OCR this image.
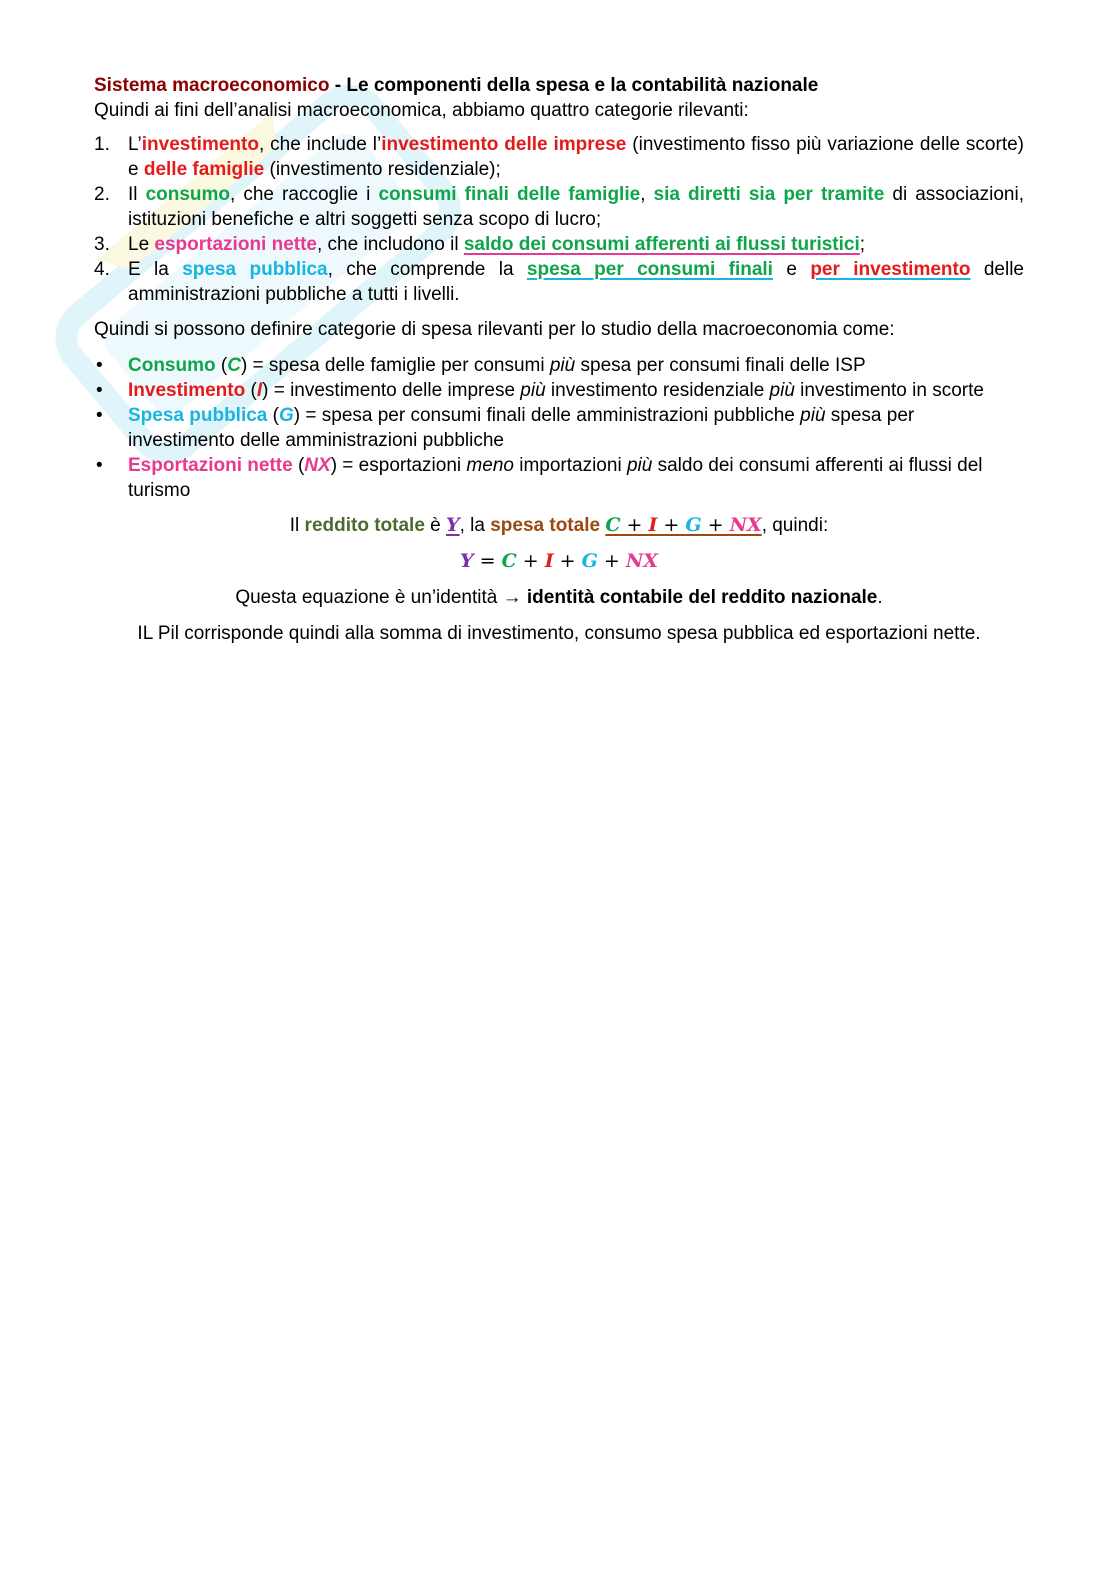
Sistema macroeconomico - Le componenti della spesa e la contabilità nazionale

Quindi ai fini dell’analisi macroeconomica, abbiamo quattro categorie rilevanti:

1. L’investimento, che include l’investimento delle imprese (investimento fisso più variazione delle scorte) e delle famiglie (investimento residenziale);
2. Il consumo, che raccoglie i consumi finali delle famiglie, sia diretti sia per tramite di associazioni, istituzioni benefiche e altri soggetti senza scopo di lucro;
3. Le esportazioni nette, che includono il saldo dei consumi afferenti ai flussi turistici;
4. E la spesa pubblica, che comprende la spesa per consumi finali e per investimento delle amministrazioni pubbliche a tutti i livelli.

Quindi si possono definire categorie di spesa rilevanti per lo studio della macroeconomia come:

• Consumo (C) = spesa delle famiglie per consumi più spesa per consumi finali delle ISP
• Investimento (I) = investimento delle imprese più investimento residenziale più investimento in scorte
• Spesa pubblica (G) = spesa per consumi finali delle amministrazioni pubbliche più spesa per investimento delle amministrazioni pubbliche
• Esportazioni nette (NX) = esportazioni meno importazioni più saldo dei consumi afferenti ai flussi del turismo

Il reddito totale è Y, la spesa totale C + I + G + NX, quindi:

Y = C + I + G + NX

Questa equazione è un’identità → identità contabile del reddito nazionale.

IL Pil corrisponde quindi alla somma di investimento, consumo spesa pubblica ed esportazioni nette.
